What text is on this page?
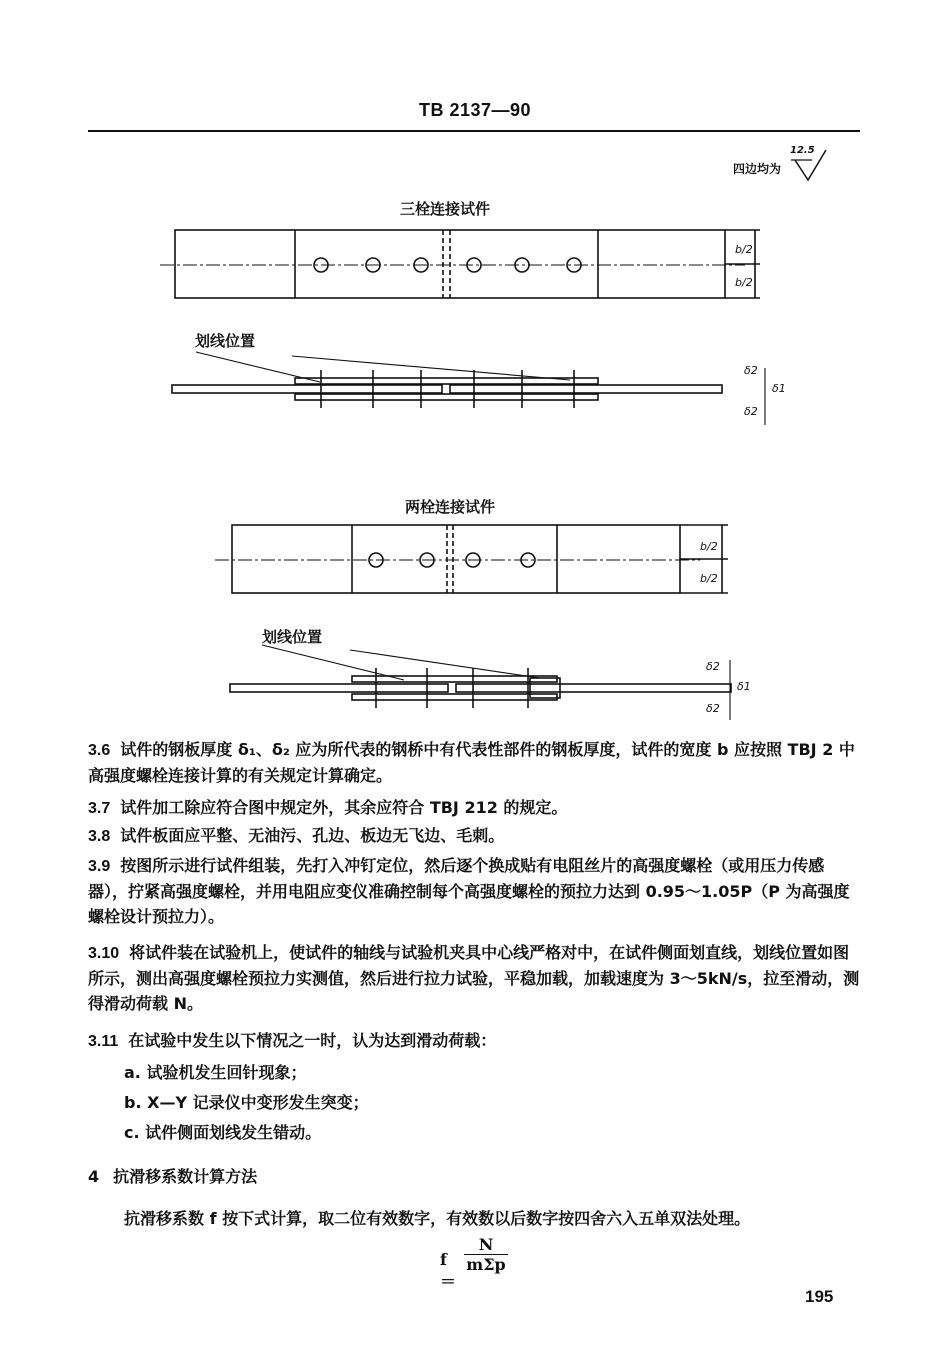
TB 2137—90
四边均为
12.5
三栓连接试件
划线位置
两栓连接试件
划线位置
b/2
b/2
b/2
b/2
δ2
δ1
δ2
δ2
δ1
δ2
3.6 试件的钢板厚度 δ₁、δ₂ 应为所代表的钢桥中有代表性部件的钢板厚度，试件的宽度 b 应按照 TBJ 2 中高强度螺栓连接计算的有关规定计算确定。
3.7 试件加工除应符合图中规定外，其余应符合 TBJ 212 的规定。
3.8 试件板面应平整、无油污、孔边、板边无飞边、毛刺。
3.9 按图所示进行试件组装，先打入冲钉定位，然后逐个换成贴有电阻丝片的高强度螺栓（或用压力传感器），拧紧高强度螺栓，并用电阻应变仪准确控制每个高强度螺栓的预拉力达到 0.95～1.05P（P 为高强度螺栓设计预拉力）。
3.10 将试件装在试验机上，使试件的轴线与试验机夹具中心线严格对中，在试件侧面划直线，划线位置如图所示，测出高强度螺栓预拉力实测值，然后进行拉力试验，平稳加载，加载速度为 3～5kN/s，拉至滑动，测得滑动荷载 N。
3.11 在试验中发生以下情况之一时，认为达到滑动荷载：
a. 试验机发生回针现象；
b. X—Y 记录仪中变形发生突变；
c. 试件侧面划线发生错动。
4 抗滑移系数计算方法
抗滑移系数 f 按下式计算，取二位有效数字，有效数以后数字按四舍六入五单双法处理。
f＝
N
mΣp
195
